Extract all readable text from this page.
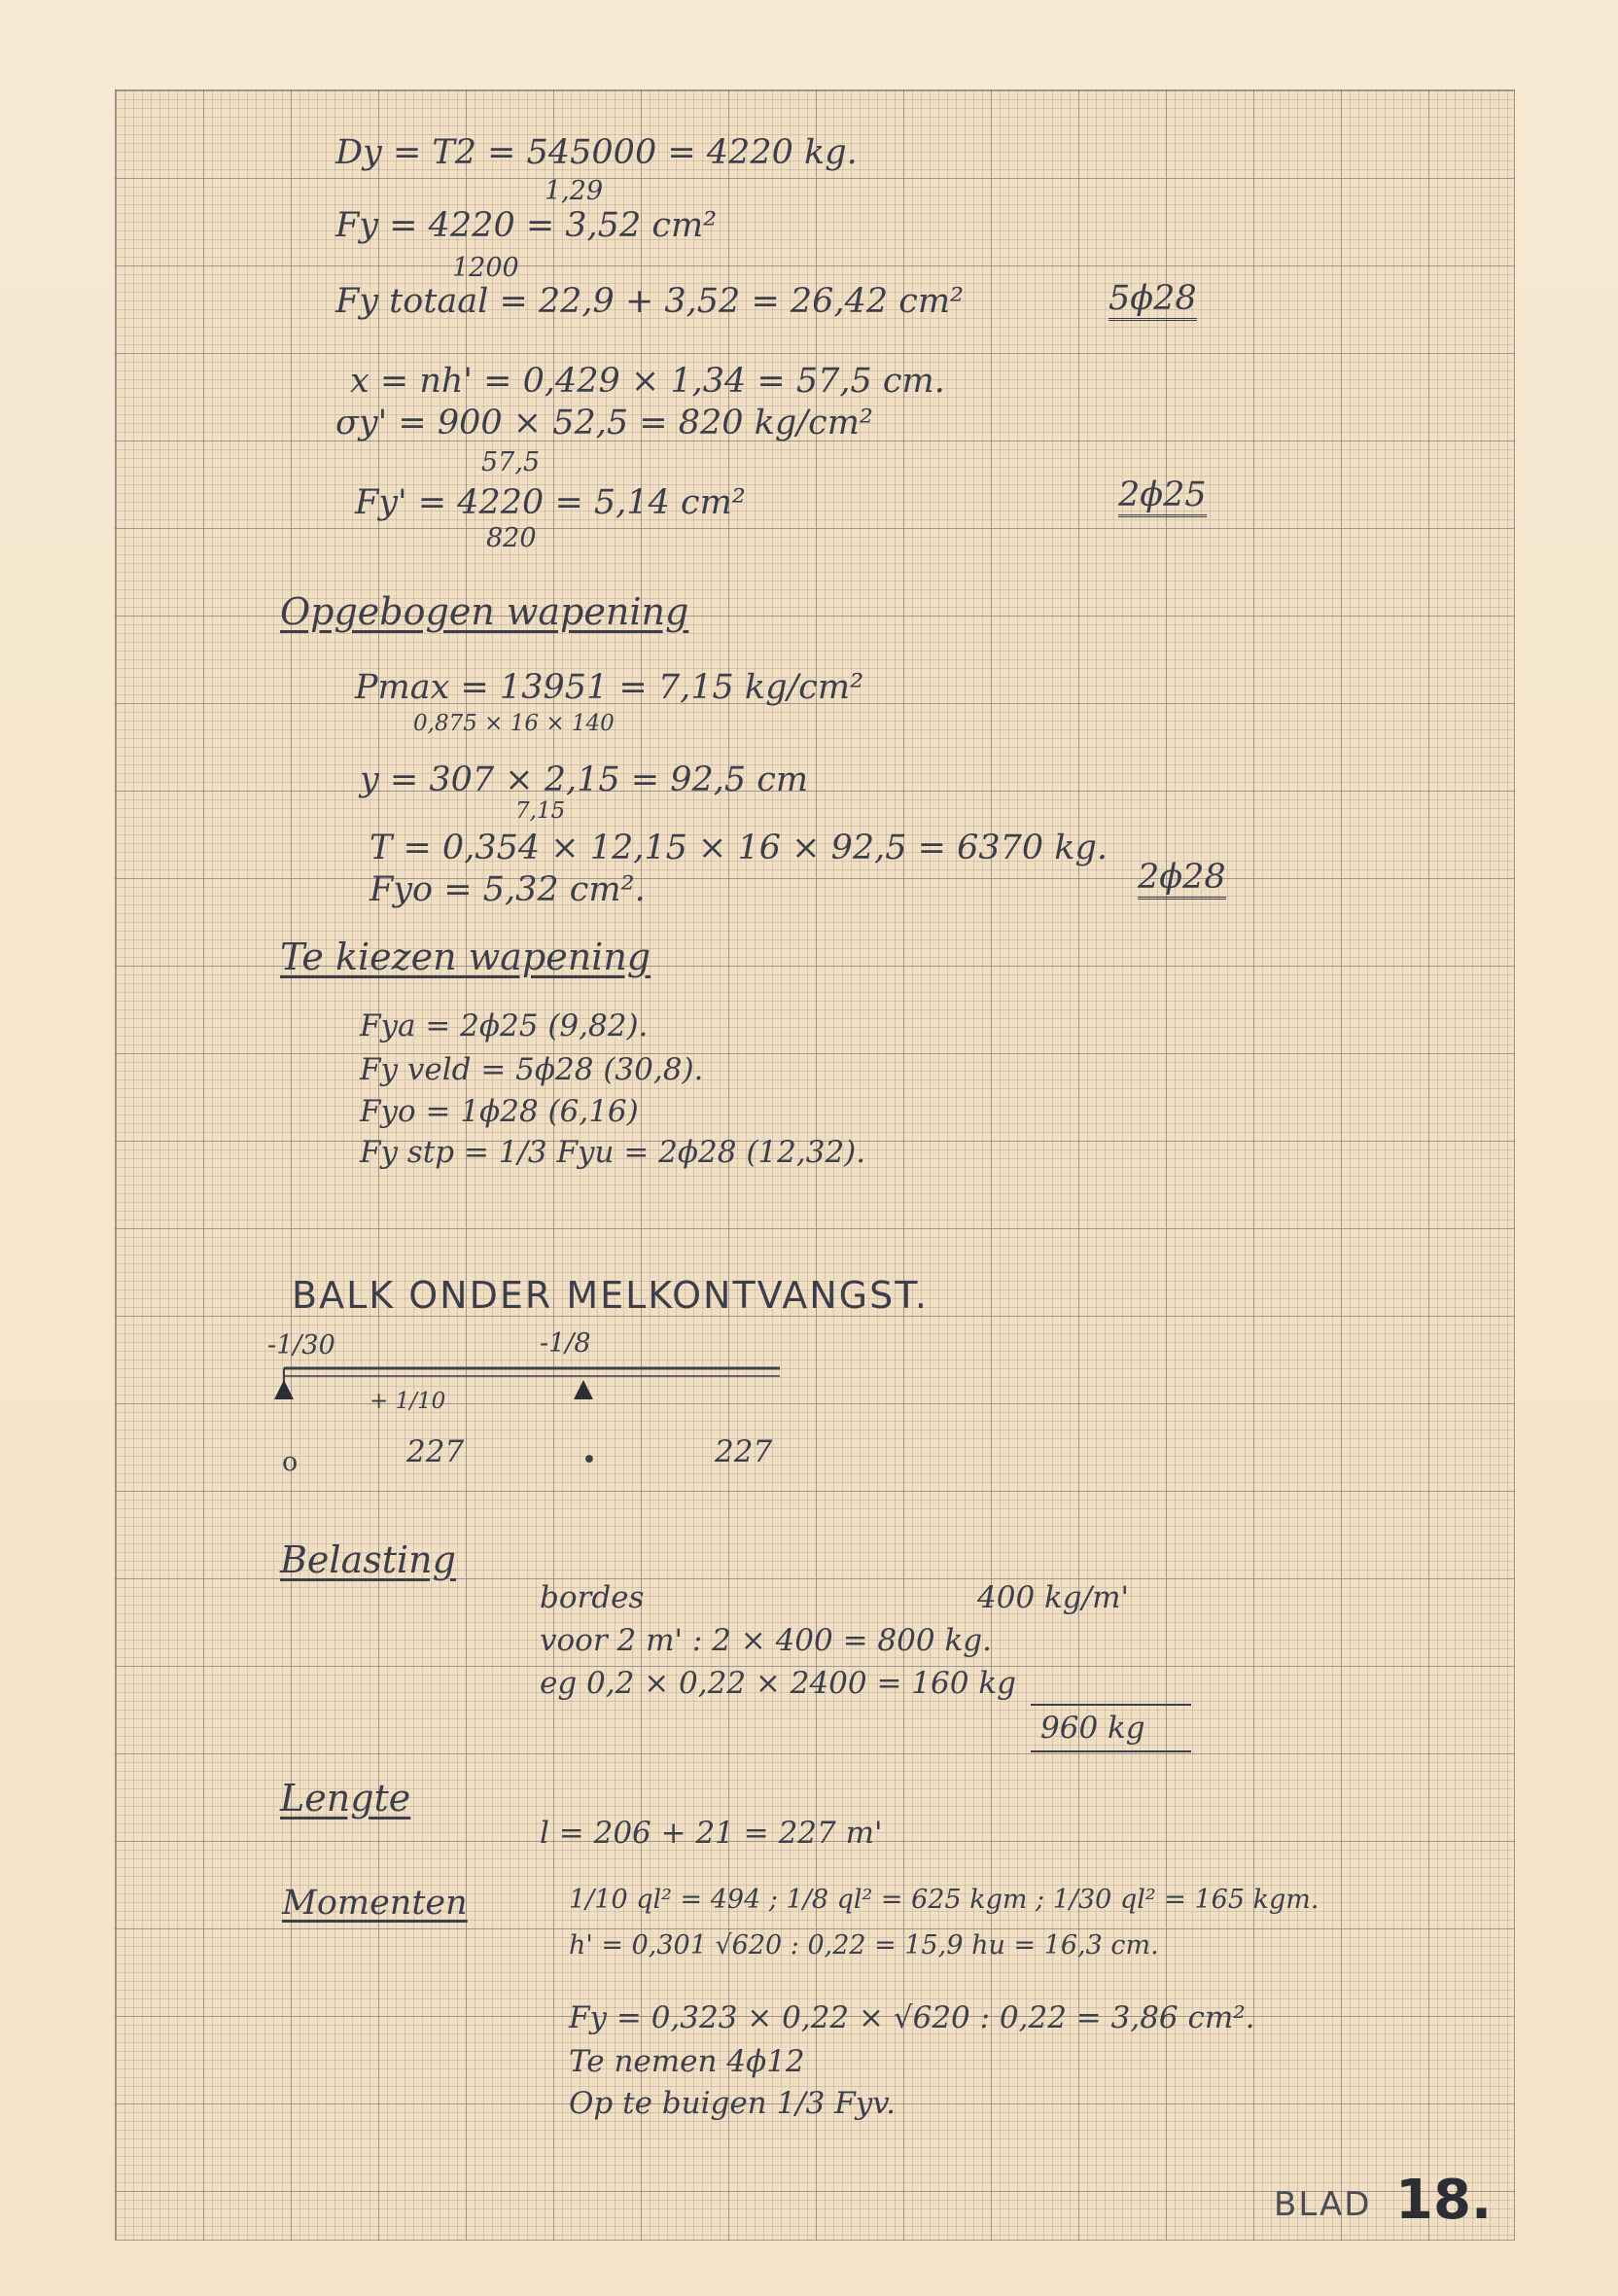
Dy = T2 = 545000 = 4220 kg.
1,29
Fy = 4220 = 3,52 cm²
1200
Fy totaal = 22,9 + 3,52 = 26,42 cm²	5ϕ28
x = nh' = 0,429 × 1,34 = 57,5 cm.
σy' = 900 × 52,5 = 820 kg/cm²
57,5
Fy' = 4220 = 5,14 cm²
820
2ϕ25
Opgebogen wapening
Pmax = 13951 = 7,15 kg/cm²
0,875 × 16 × 140
y = 307 × 2,15 = 92,5 cm
7,15
T = 0,354 × 12,15 × 16 × 92,5 = 6370 kg.
Fyo = 5,32 cm².	2ϕ28
Te kiezen wapening
Fya = 2ϕ25 (9,82).
Fy veld = 5ϕ28 (30,8).
Fyo = 1ϕ28 (6,16)
Fy stp = 1/3 Fyu = 2ϕ28 (12,32).
BALK ONDER MELKONTVANGST.
-1/30	-1/8
+ 1/10
o	227	•	227
Belasting
bordes	400 kg/m'
voor 2 m' : 2 × 400 = 800 kg.
eg 0,2 × 0,22 × 2400 = 160 kg
960 kg
Lengte
l = 206 + 21 = 227 m'
Momenten	1/10 ql² = 494 ; 1/8 ql² = 625 kgm ; 1/30 ql² = 165 kgm.
h' = 0,301 √620 : 0,22 = 15,9 hu = 16,3 cm.
Fy = 0,323 × 0,22 × √620 : 0,22 = 3,86 cm².
Te nemen 4ϕ12
Op te buigen 1/3 Fyv.
BLAD 18.
